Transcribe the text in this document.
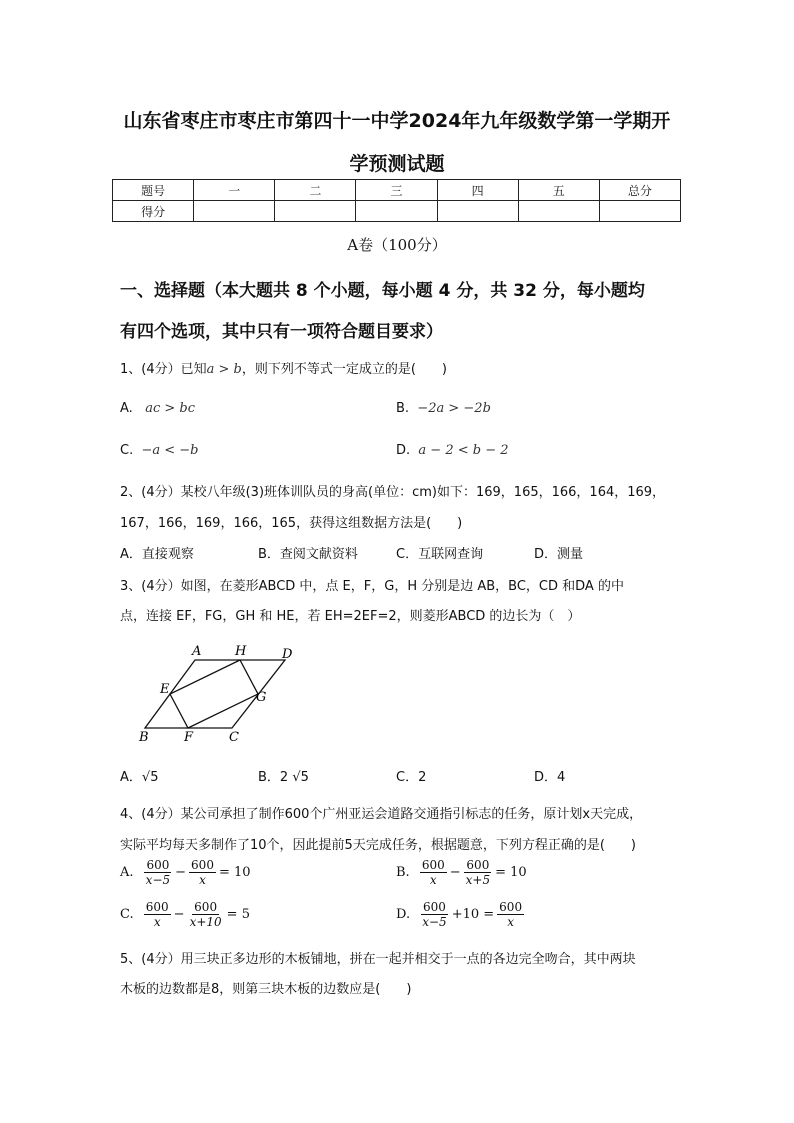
山东省枣庄市枣庄市第四十一中学2024年九年级数学第一学期开
学预测试题
题号	一	二	三	四	五	总分
得分						
A卷（100分）
一、选择题（本大题共 8 个小题，每小题 4 分，共 32 分，每小题均
有四个选项，其中只有一项符合题目要求）
1、(4分）已知a > b，则下列不等式一定成立的是(　　)
A. ac > bc	B. −2a > −2b
C. −a < −b	D. a − 2 < b − 2
2、(4分）某校八年级(3)班体训队员的身高(单位：cm)如下：169，165，166，164，169，
167，166，169，166，165，获得这组数据方法是(　　)
A．直接观察	B．查阅文献资料	C．互联网查询	D．测量
3、(4分）如图，在菱形ABCD 中，点 E，F，G，H 分别是边 AB，BC，CD 和DA 的中
点，连接 EF，FG，GH 和 HE，若 EH=2EF=2，则菱形ABCD 的边长为（　）
A	H	D
E
G
B	F	C
A．√5	B．2 √5	C．2	D．4
4、(4分）某公司承担了制作600个广州亚运会道路交通指引标志的任务，原计划x天完成，
实际平均每天多制作了10个，因此提前5天完成任务，根据题意，下列方程正确的是(　　)
A.
$\frac{600}{x-5} - \frac{600}{x} = 10$	B.
$\frac{600}{x} - \frac{600}{x+5} = 10$
C.
$\frac{600}{x} - \frac{600}{x+10} = 5$	D.
$\frac{600}{x-5} +10 = \frac{600}{x}$
5、(4分）用三块正多边形的木板铺地，拼在一起并相交于一点的各边完全吻合，其中两块
木板的边数都是8，则第三块木板的边数应是(　　)
